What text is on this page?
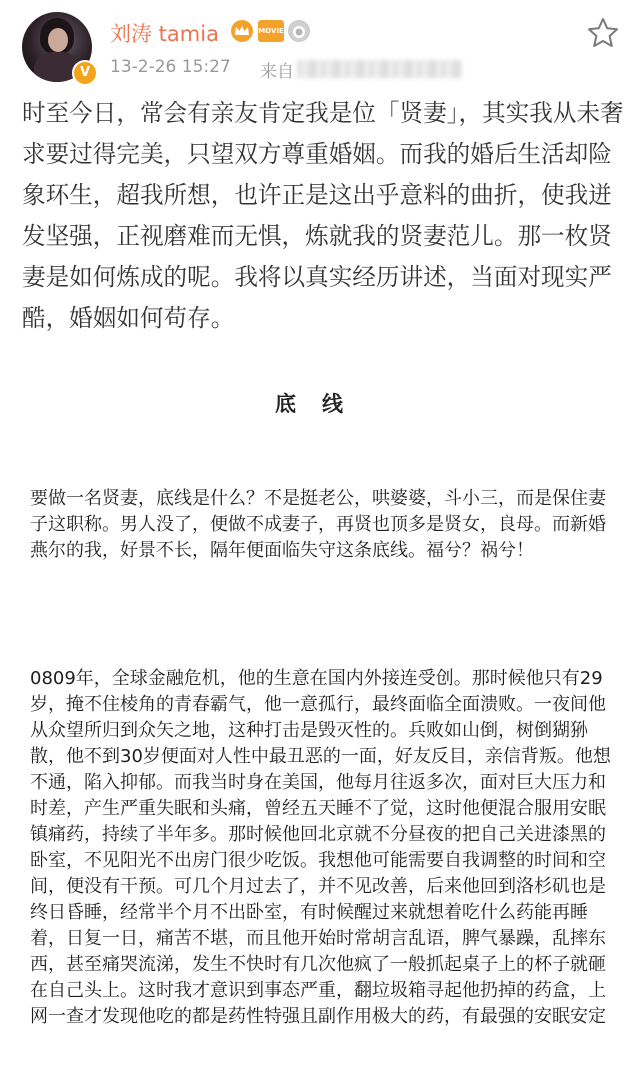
V
刘涛 tamia	MOVIE
13-2-26 15:27 来自

时至今日，常会有亲友肯定我是位「贤妻」，其实我从未奢求要过得完美，只望双方尊重婚姻。而我的婚后生活却险象环生，超我所想，也许正是这出乎意料的曲折，使我迸发坚强，正视磨难而无惧，炼就我的贤妻范儿。那一枚贤妻是如何炼成的呢。我将以真实经历讲述，当面对现实严酷，婚姻如何苟存。

底线

要做一名贤妻，底线是什么？不是挺老公，哄婆婆，斗小三，而是保住妻子这职称。男人没了，便做不成妻子，再贤也顶多是贤女，良母。而新婚燕尔的我，好景不长，隔年便面临失守这条底线。福兮？祸兮！

0809年，全球金融危机，他的生意在国内外接连受创。那时候他只有29岁，掩不住棱角的青春霸气，他一意孤行，最终面临全面溃败。一夜间他从众望所归到众矢之地，这种打击是毁灭性的。兵败如山倒，树倒猢狲散，他不到30岁便面对人性中最丑恶的一面，好友反目，亲信背叛。他想不通，陷入抑郁。而我当时身在美国，他每月往返多次，面对巨大压力和时差，产生严重失眠和头痛，曾经五天睡不了觉，这时他便混合服用安眠镇痛药，持续了半年多。那时候他回北京就不分昼夜的把自己关进漆黑的卧室，不见阳光不出房门很少吃饭。我想他可能需要自我调整的时间和空间，便没有干预。可几个月过去了，并不见改善，后来他回到洛杉矶也是终日昏睡，经常半个月不出卧室，有时候醒过来就想着吃什么药能再睡着，日复一日，痛苦不堪，而且他开始时常胡言乱语，脾气暴躁，乱摔东西，甚至痛哭流涕，发生不快时有几次他疯了一般抓起桌子上的杯子就砸在自己头上。这时我才意识到事态严重，翻垃圾箱寻起他扔掉的药盒，上网一查才发现他吃的都是药性特强且副作用极大的药，有最强的安眠安定
